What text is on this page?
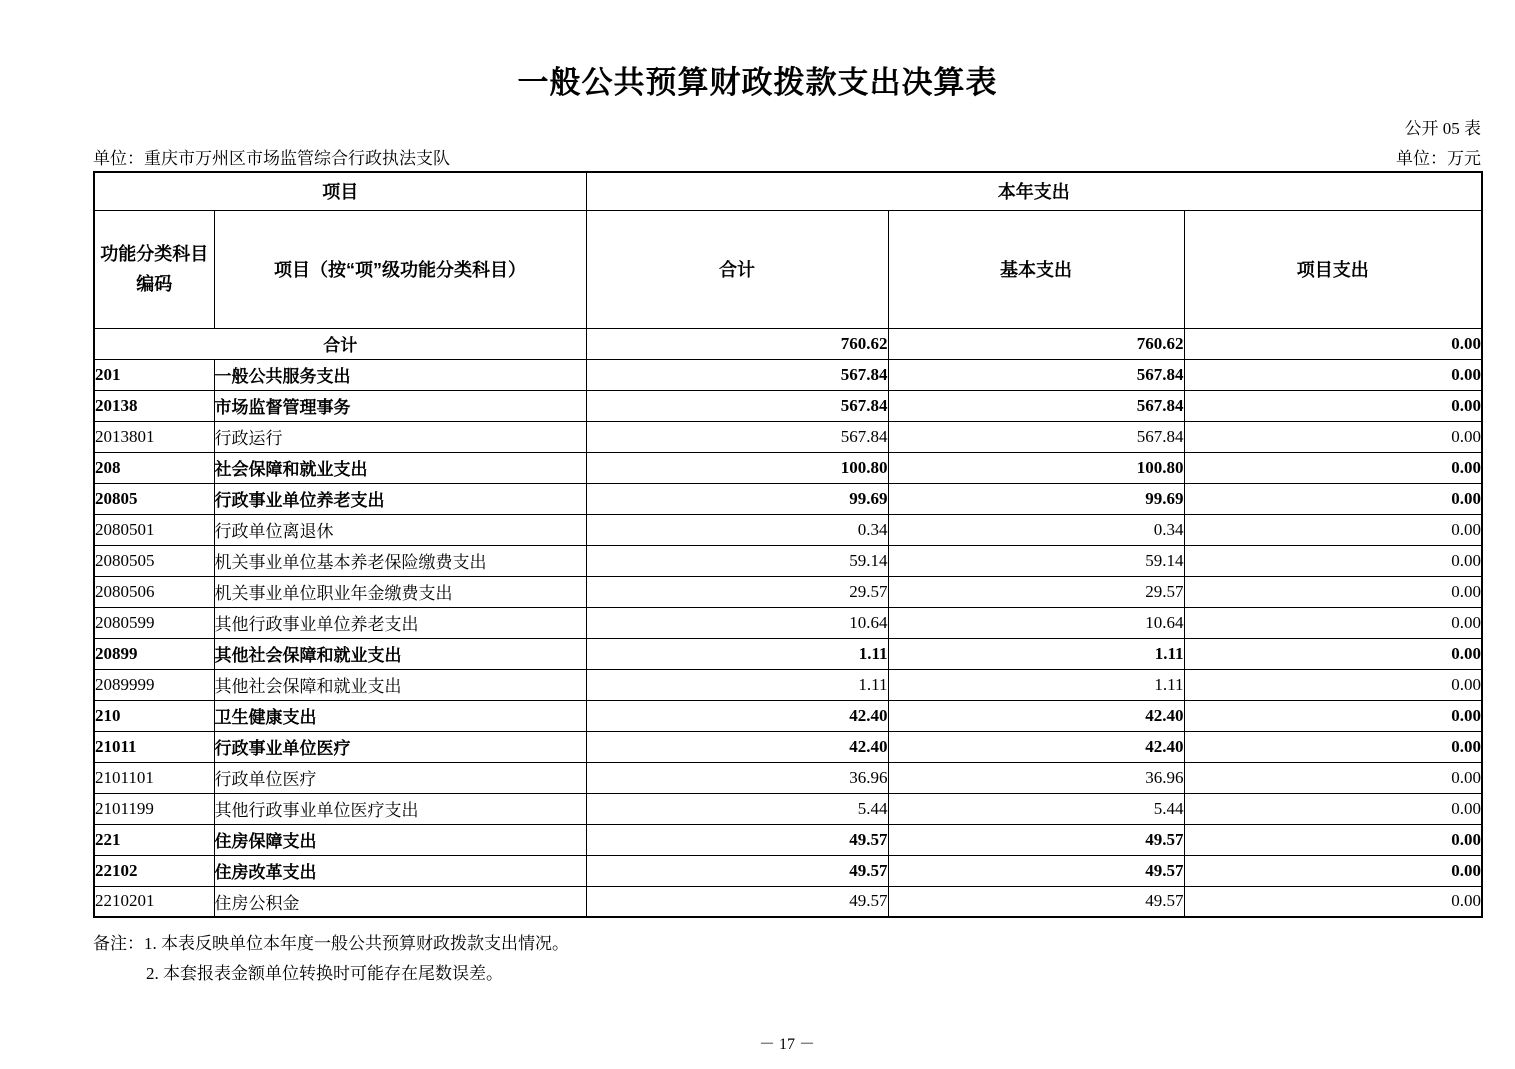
一般公共预算财政拨款支出决算表
公开 05 表
单位：重庆市万州区市场监管综合行政执法支队	单位：万元
项目		本年支出		

功能分类科目
编码	项目（按“项”级功能分类科目）	合计	基本支出	项目支出
合计		760.62	760.62	0.00
201	一般公共服务支出	567.84	567.84	0.00
20138	市场监督管理事务	567.84	567.84	0.00
2013801	行政运行	567.84	567.84	0.00
208	社会保障和就业支出	100.80	100.80	0.00
20805	行政事业单位养老支出	99.69	99.69	0.00
2080501	行政单位离退休	0.34	0.34	0.00
2080505	机关事业单位基本养老保险缴费支出	59.14	59.14	0.00
2080506	机关事业单位职业年金缴费支出	29.57	29.57	0.00
2080599	其他行政事业单位养老支出	10.64	10.64	0.00
20899	其他社会保障和就业支出	1.11	1.11	0.00
2089999	其他社会保障和就业支出	1.11	1.11	0.00
210	卫生健康支出	42.40	42.40	0.00
21011	行政事业单位医疗	42.40	42.40	0.00
2101101	行政单位医疗	36.96	36.96	0.00
2101199	其他行政事业单位医疗支出	5.44	5.44	0.00
221	住房保障支出	49.57	49.57	0.00
22102	住房改革支出	49.57	49.57	0.00
2210201	住房公积金	49.57	49.57	0.00
备注：1. 本表反映单位本年度一般公共预算财政拨款支出情况。
2. 本套报表金额单位转换时可能存在尾数误差。
－ 17 －
